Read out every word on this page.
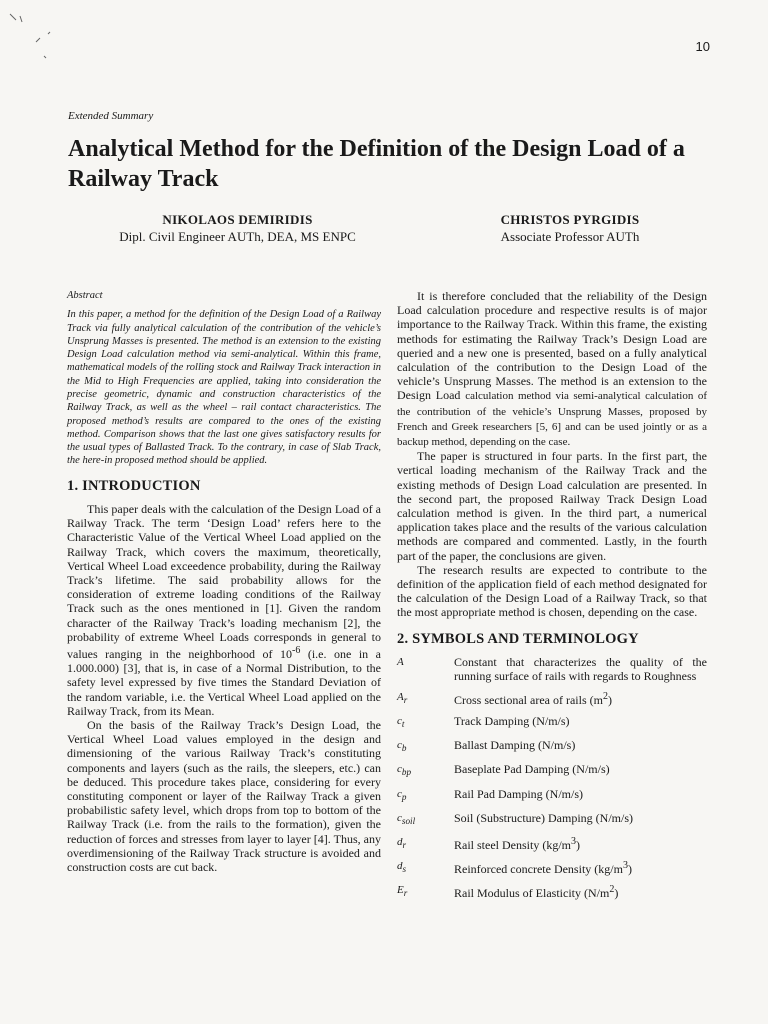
10
Extended Summary
Analytical Method for the Definition of the Design Load of a Railway Track
NIKOLAOS DEMIRIDIS
Dipl. Civil Engineer AUTh, DEA, MS ENPC
CHRISTOS PYRGIDIS
Associate Professor AUTh

Abstract

In this paper, a method for the definition of the Design Load of a Railway Track via fully analytical calculation of the contribution of the vehicle’s Unsprung Masses is presented. The method is an extension to the existing Design Load calculation method via semi-analytical. Within this frame, mathematical models of the rolling stock and Railway Track interaction in the Mid to High Frequencies are applied, taking into consideration the precise geometric, dynamic and construction characteristics of the Railway Track, as well as the wheel – rail contact characteristics. The proposed method’s results are compared to the ones of the existing method. Comparison shows that the last one gives satisfactory results for the usual types of Ballasted Track. To the contrary, in case of Slab Track, the here-in proposed method should be applied.

1. INTRODUCTION

This paper deals with the calculation of the Design Load of a Railway Track. The term ‘Design Load’ refers here to the Characteristic Value of the Vertical Wheel Load applied on the Railway Track, which covers the maximum, theoretically, Vertical Wheel Load exceedence probability, during the Railway Track’s lifetime. The said probability allows for the consideration of extreme loading conditions of the Railway Track such as the ones mentioned in [1]. Given the random character of the Railway Track’s loading mechanism [2], the probability of extreme Wheel Loads corresponds in general to values ranging in the neighborhood of $10^{-6}$ (i.e. one in a 1.000.000) [3], that is, in case of a Normal Distribution, to the safety level expressed by five times the Standard Deviation of the random variable, i.e. the Vertical Wheel Load applied on the Railway Track, from its Mean.

On the basis of the Railway Track’s Design Load, the Vertical Wheel Load values employed in the design and dimensioning of the various Railway Track’s constituting components and layers (such as the rails, the sleepers, etc.) can be deduced. This procedure takes place, considering for every constituting component or layer of the Railway Track a given probabilistic safety level, which drops from top to bottom of the Railway Track (i.e. from the rails to the formation), given the reduction of forces and stresses from layer to layer [4]. Thus, any overdimensioning of the Railway Track structure is avoided and construction costs are cut back.

It is therefore concluded that the reliability of the Design Load calculation procedure and respective results is of major importance to the Railway Track. Within this frame, the existing methods for estimating the Railway Track’s Design Load are queried and a new one is presented, based on a fully analytical calculation of the contribution to the Design Load of the vehicle’s Unsprung Masses. The method is an extension to the Design Load calculation method via semi-analytical calculation of the contribution of the vehicle’s Unsprung Masses, proposed by French and Greek researchers [5, 6] and can be used jointly or as a backup method, depending on the case.

The paper is structured in four parts. In the first part, the vertical loading mechanism of the Railway Track and the existing methods of Design Load calculation are presented. In the second part, the proposed Railway Track Design Load calculation method is given. In the third part, a numerical application takes place and the results of the various calculation methods are compared and commented. Lastly, in the fourth part of the paper, the conclusions are given.

The research results are expected to contribute to the definition of the application field of each method designated for the calculation of the Design Load of a Railway Track, so that the most appropriate method is chosen, depending on the case.

2. SYMBOLS AND TERMINOLOGY
A	Constant that characterizes the quality of the running surface of rails with regards to Roughness
$A_r$	Cross sectional area of rails $(m^2)$
$c_t$	Track Damping (N/m/s)
$c_b$	Ballast Damping (N/m/s)
$c_{bp}$	Baseplate Pad Damping (N/m/s)
$c_p$	Rail Pad Damping (N/m/s)
$c_{soil}$	Soil (Substructure) Damping (N/m/s)
$d_r$	Rail steel Density $(kg/m^3)$
$d_s$	Reinforced concrete Density $(kg/m^3)$
$E_r$	Rail Modulus of Elasticity $(N/m^2)$
